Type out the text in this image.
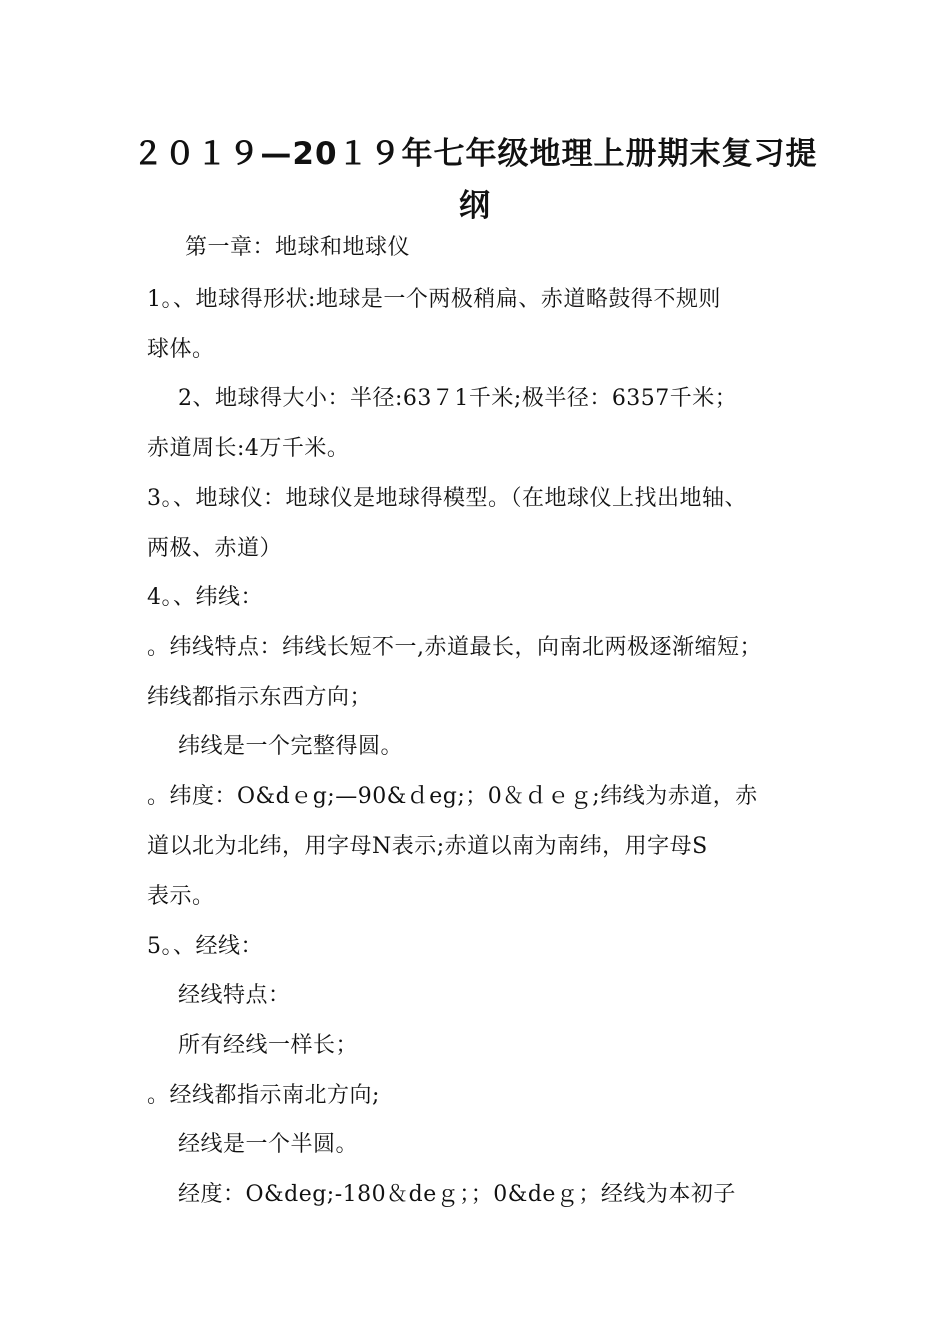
２０１９—20１９年七年级地理上册期末复习提
纲
第一章：地球和地球仪
1。、地球得形状:地球是一个两极稍扁、赤道略鼓得不规则
球体。
2、地球得大小：半径:63７1千米;极半径：6357千米；
赤道周长:4万千米。
3。、地球仪：地球仪是地球得模型。（在地球仪上找出地轴、
两极、赤道）
4。、纬线：
。纬线特点：纬线长短不一,赤道最长，向南北两极逐渐缩短；
纬线都指示东西方向；
纬线是一个完整得圆。
。纬度：O&dｅg;—90&ｄeg;；0＆ｄｅｇ;纬线为赤道，赤
道以北为北纬，用字母N表示;赤道以南为南纬，用字母S
表示。
5。、经线：
经线特点：
所有经线一样长；
。经线都指示南北方向;
经线是一个半圆。
经度：O&deg;-180＆deｇ；；0&deｇ；经线为本初子
